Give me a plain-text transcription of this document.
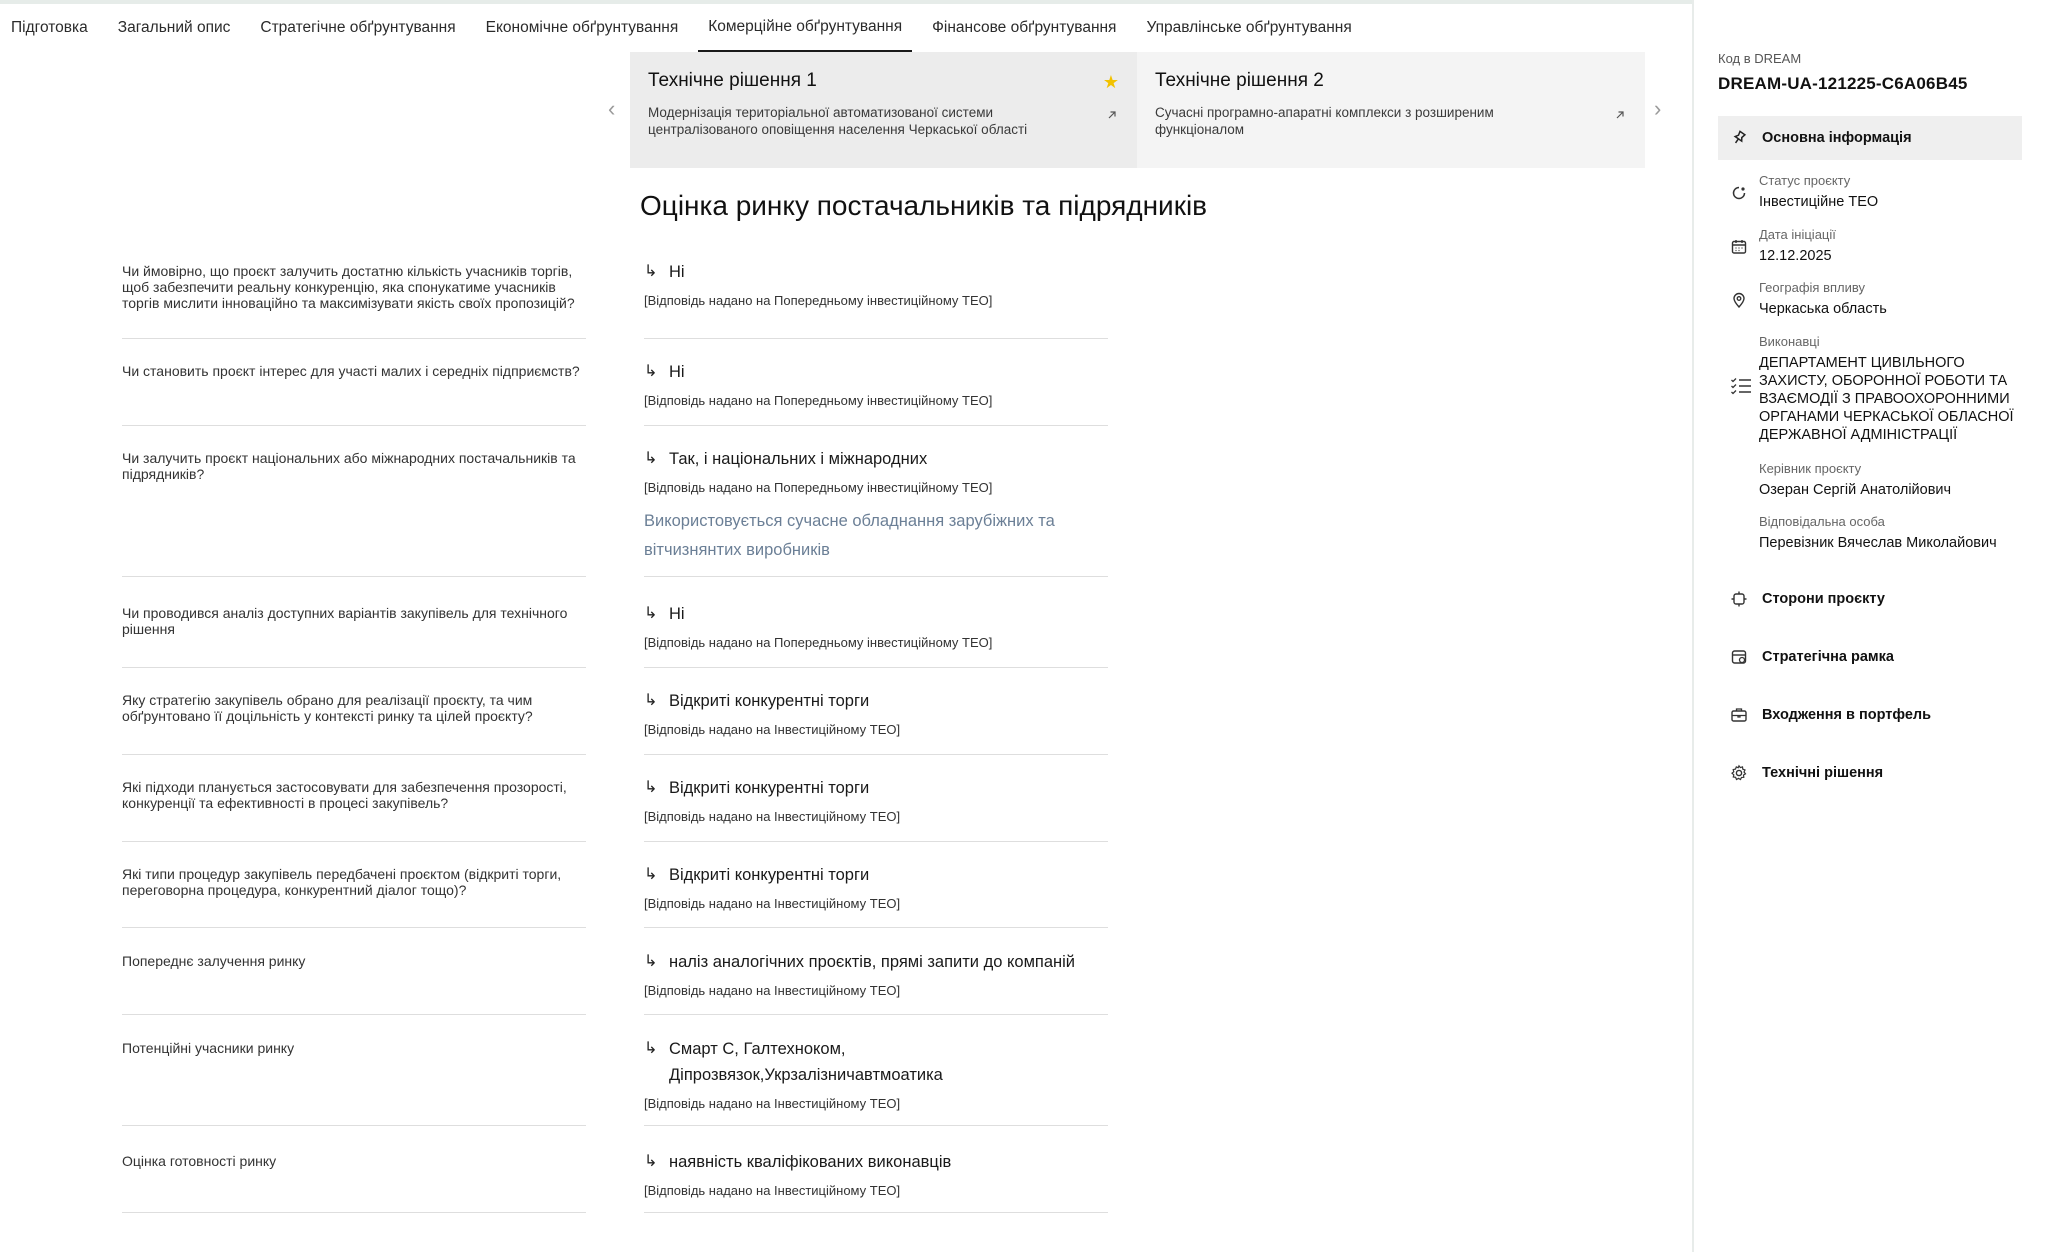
Підготовка	Загальний опис	Стратегічне обґрунтування	Економічне обґрунтування	Комерційне обґрунтування	Фінансове обґрунтування	Управлінське обґрунтування
‹
Технічне рішення 1
Модернізація територіальної автоматизованої системи централізованого оповіщення населення Черкаської області
★ Технічне рішення 2
Сучасні програмно-апаратні комплекси з розширеним функціоналом
›
Оцінка ринку постачальників та підрядників
Чи ймовірно, що проєкт залучить достатню кількість учасників торгів, щоб забезпечити реальну конкуренцію, яка спонукатиме учасників торгів мислити інноваційно та максимізувати якість своїх пропозицій?
↳ Ні
[Відповідь надано на Попередньому інвестиційному ТЕО]
Чи становить проєкт інтерес для участі малих і середніх підприємств?	↳ Ні
[Відповідь надано на Попередньому інвестиційному ТЕО]
Чи залучить проєкт національних або міжнародних постачальників та підрядників?
↳ Так, і національних і міжнародних
[Відповідь надано на Попередньому інвестиційному ТЕО]
Використовується сучасне обладнання зарубіжних та вітчизнянтих виробників
Чи проводився аналіз доступних варіантів закупівель для технічного рішення
↳ Ні
[Відповідь надано на Попередньому інвестиційному ТЕО]
Яку стратегію закупівель обрано для реалізації проєкту, та чим обґрунтовано її доцільність у контексті ринку та цілей проєкту?
↳ Відкриті конкурентні торги
[Відповідь надано на Інвестиційному ТЕО]
Які підходи планується застосовувати для забезпечення прозорості, конкуренції та ефективності в процесі закупівель?
↳ Відкриті конкурентні торги
[Відповідь надано на Інвестиційному ТЕО]
Які типи процедур закупівель передбачені проєктом (відкриті торги, переговорна процедура, конкурентний діалог тощо)?
↳ Відкриті конкурентні торги
[Відповідь надано на Інвестиційному ТЕО]
Попереднє залучення ринку	↳ наліз аналогічних проєктів, прямі запити до компаній
[Відповідь надано на Інвестиційному ТЕО]
Потенційні учасники ринку	↳ Смарт С, Галтехноком, Діпрозвязок,Укрзалізничавтмоатика
[Відповідь надано на Інвестиційному ТЕО]
Оцінка готовності ринку	↳ наявність кваліфікованих виконавців
[Відповідь надано на Інвестиційному ТЕО]
Код в DREAM
DREAM-UA-121225-C6A06B45
Основна інформація
Статус проєкту
Інвестиційне ТЕО
Дата ініціації
12.12.2025
Географія впливу
Черкаська область
Виконавці
ДЕПАРТАМЕНТ ЦИВІЛЬНОГО ЗАХИСТУ, ОБОРОННОЇ РОБОТИ ТА ВЗАЄМОДІЇ З ПРАВООХОРОННИМИ ОРГАНАМИ ЧЕРКАСЬКОЇ ОБЛАСНОЇ ДЕРЖАВНОЇ АДМІНІСТРАЦІЇ
Керівник проєкту
Озеран Сергій Анатолійович
Відповідальна особа
Перевізник Вячеслав Миколайович
Сторони проєкту
Стратегічна рамка
Входження в портфель
Технічні рішення
